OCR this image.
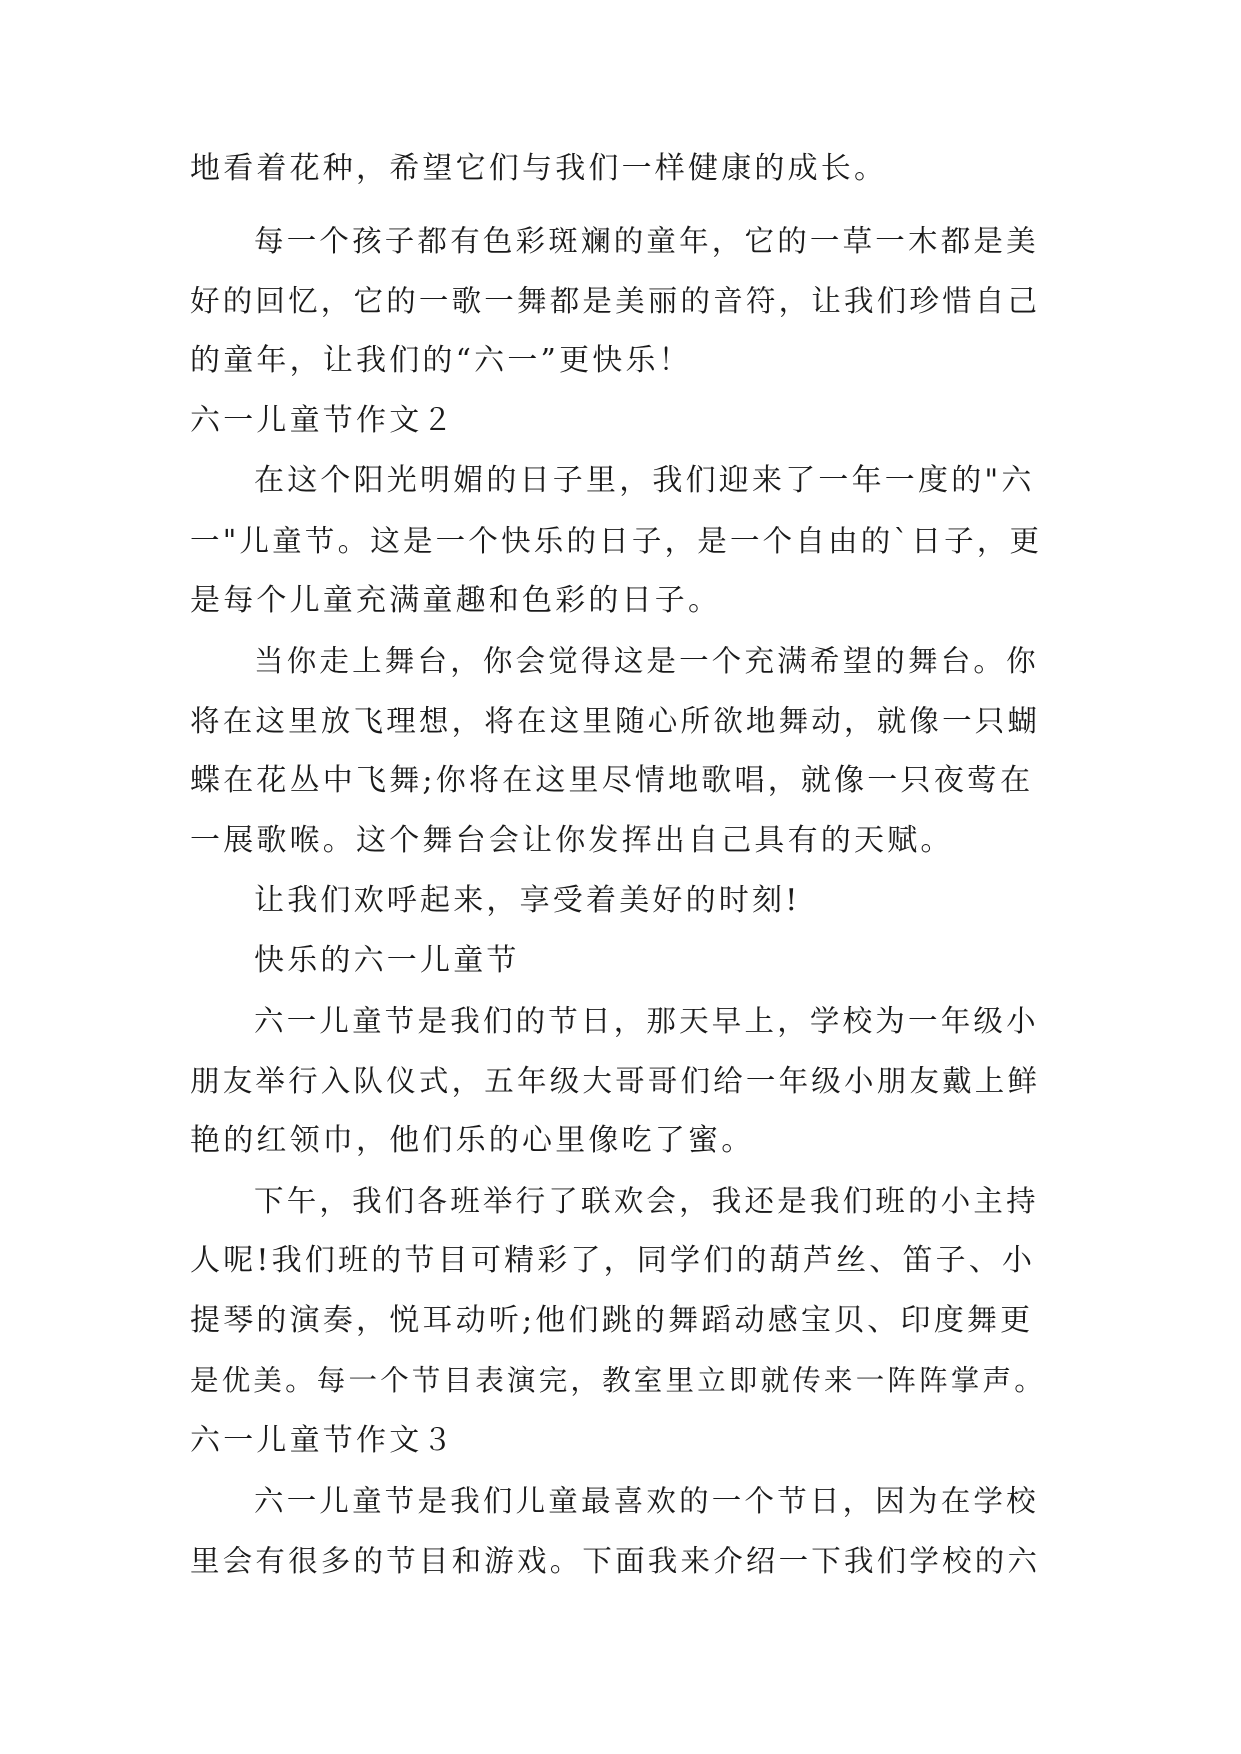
地看着花种，希望它们与我们一样健康的成长。
每一个孩子都有色彩斑斓的童年，它的一草一木都是美
好的回忆，它的一歌一舞都是美丽的音符，让我们珍惜自己
的童年，让我们的“六一”更快乐！
六一儿童节作文２
在这个阳光明媚的日子里，我们迎来了一年一度的"六
一"儿童节。这是一个快乐的日子，是一个自由的`日子，更
是每个儿童充满童趣和色彩的日子。
当你走上舞台，你会觉得这是一个充满希望的舞台。你
将在这里放飞理想，将在这里随心所欲地舞动，就像一只蝴
蝶在花丛中飞舞;你将在这里尽情地歌唱，就像一只夜莺在
一展歌喉。这个舞台会让你发挥出自己具有的天赋。
让我们欢呼起来，享受着美好的时刻!
快乐的六一儿童节
六一儿童节是我们的节日，那天早上，学校为一年级小
朋友举行入队仪式，五年级大哥哥们给一年级小朋友戴上鲜
艳的红领巾，他们乐的心里像吃了蜜。
下午，我们各班举行了联欢会，我还是我们班的小主持
人呢!我们班的节目可精彩了，同学们的葫芦丝、笛子、小
提琴的演奏，悦耳动听;他们跳的舞蹈动感宝贝、印度舞更
是优美。每一个节目表演完，教室里立即就传来一阵阵掌声。
六一儿童节作文３
六一儿童节是我们儿童最喜欢的一个节日，因为在学校
里会有很多的节目和游戏。下面我来介绍一下我们学校的六
